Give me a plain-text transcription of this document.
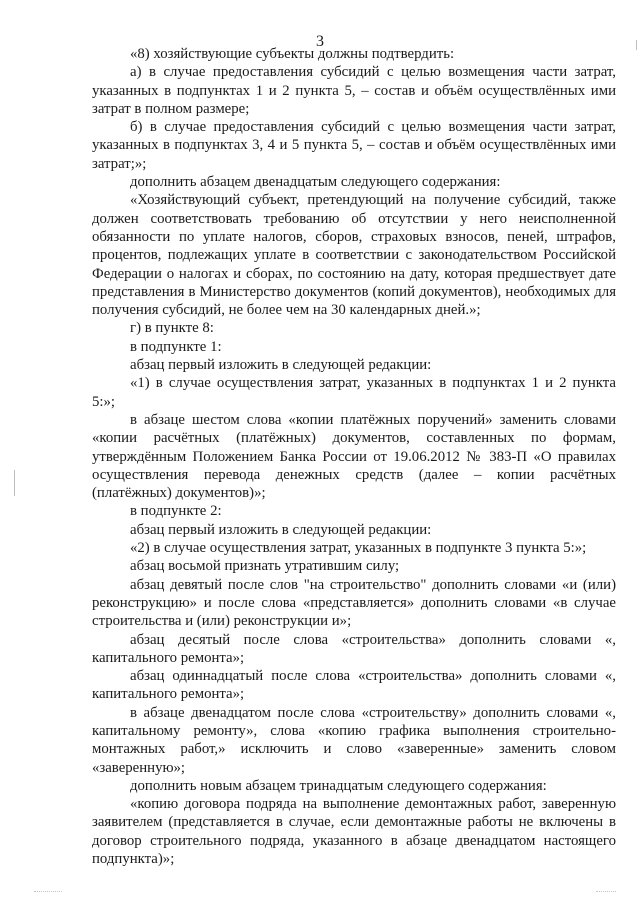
3

«8) хозяйствующие субъекты должны подтвердить:

а) в случае предоставления субсидий с целью возмещения части затрат, указанных в подпунктах 1 и 2 пункта 5, – состав и объём осуществлённых ими затрат в полном размере;

б) в случае предоставления субсидий с целью возмещения части затрат, указанных в подпунктах 3, 4 и 5 пункта 5, – состав и объём осуществлённых ими затрат;»;

дополнить абзацем двенадцатым следующего содержания:

«Хозяйствующий субъект, претендующий на получение субсидий, также должен соответствовать требованию об отсутствии у него неисполненной обязанности по уплате налогов, сборов, страховых взносов, пеней, штрафов, процентов, подлежащих уплате в соответствии с законодательством Российской Федерации о налогах и сборах, по состоянию на дату, которая предшествует дате представления в Министерство документов (копий документов), необходимых для получения субсидий, не более чем на 30 календарных дней.»;

г) в пункте 8:

в подпункте 1:

абзац первый изложить в следующей редакции:

«1) в случае осуществления затрат, указанных в подпунктах 1 и 2 пункта 5:»;

в абзаце шестом слова «копии платёжных поручений» заменить словами «копии расчётных (платёжных) документов, составленных по формам, утверждённым Положением Банка России от 19.06.2012 № 383-П «О правилах осуществления перевода денежных средств (далее – копии расчётных (платёжных) документов)»;

в подпункте 2:

абзац первый изложить в следующей редакции:

«2) в случае осуществления затрат, указанных в подпункте 3 пункта 5:»;

абзац восьмой признать утратившим силу;

абзац девятый после слов "на строительство" дополнить словами «и (или) реконструкцию» и после слова «представляется» дополнить словами «в случае строительства и (или) реконструкции и»;

абзац десятый после слова «строительства» дополнить словами «, капитального ремонта»;

абзац одиннадцатый после слова «строительства» дополнить словами «, капитального ремонта»;

в абзаце двенадцатом после слова «строительству» дополнить словами «, капитальному ремонту», слова «копию графика выполнения строительно-монтажных работ,» исключить и слово «заверенные» заменить словом «заверенную»;

дополнить новым абзацем тринадцатым следующего содержания:

«копию договора подряда на выполнение демонтажных работ, заверенную заявителем (представляется в случае, если демонтажные работы не включены в договор строительного подряда, указанного в абзаце двенадцатом настоящего подпункта)»;
